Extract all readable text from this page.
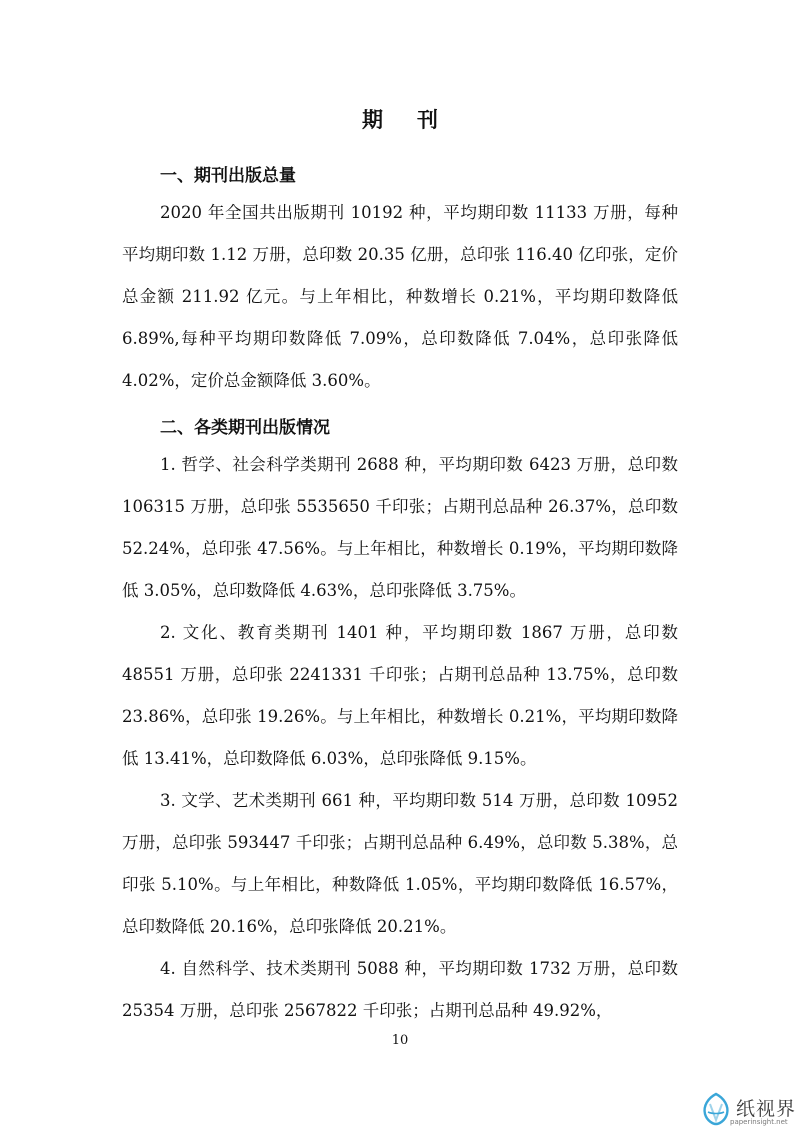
期 刊
一、期刊出版总量

2020 年全国共出版期刊 10192 种，平均期印数 11133 万册，每种平均期印数 1.12 万册，总印数 20.35 亿册，总印张 116.40 亿印张，定价总金额 211.92 亿元。与上年相比，种数增长 0.21%，平均期印数降低 6.89%,每种平均期印数降低 7.09%，总印数降低 7.04%，总印张降低 4.02%，定价总金额降低 3.60%。

二、各类期刊出版情况

1. 哲学、社会科学类期刊 2688 种，平均期印数 6423 万册，总印数 106315 万册，总印张 5535650 千印张；占期刊总品种 26.37%，总印数 52.24%，总印张 47.56%。与上年相比，种数增长 0.19%，平均期印数降低 3.05%，总印数降低 4.63%，总印张降低 3.75%。

2. 文化、教育类期刊 1401 种，平均期印数 1867 万册，总印数 48551 万册，总印张 2241331 千印张；占期刊总品种 13.75%，总印数 23.86%，总印张 19.26%。与上年相比，种数增长 0.21%，平均期印数降低 13.41%，总印数降低 6.03%，总印张降低 9.15%。

3. 文学、艺术类期刊 661 种，平均期印数 514 万册，总印数 10952 万册，总印张 593447 千印张；占期刊总品种 6.49%，总印数 5.38%，总印张 5.10%。与上年相比，种数降低 1.05%，平均期印数降低 16.57%，总印数降低 20.16%，总印张降低 20.21%。

4. 自然科学、技术类期刊 5088 种，平均期印数 1732 万册，总印数 25354 万册，总印张 2567822 千印张；占期刊总品种 49.92%，

10
纸视界
paperinsight.net
